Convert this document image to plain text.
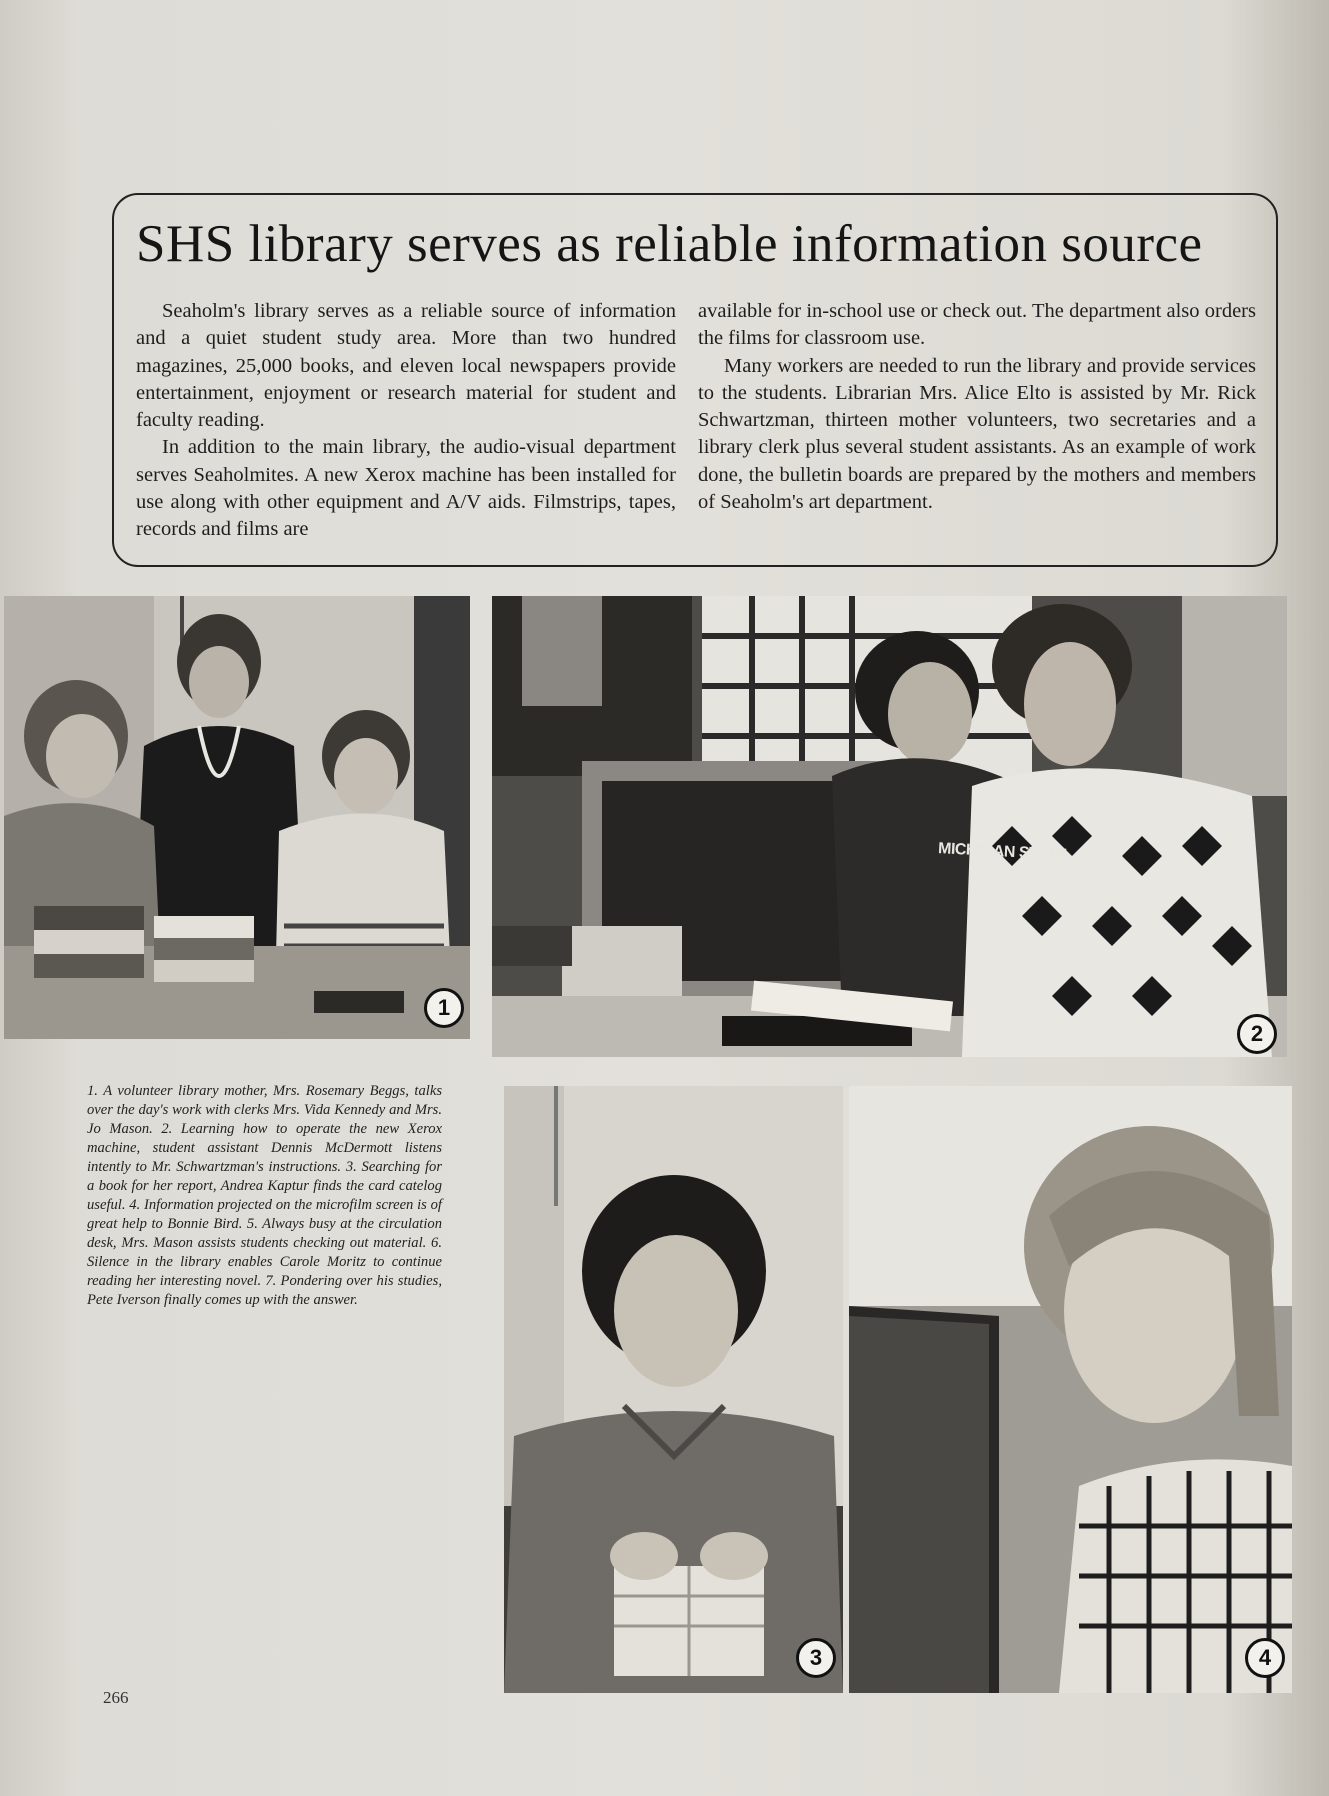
SHS library serves as reliable information source

Seaholm's library serves as a reliable source of information and a quiet student study area. More than two hundred magazines, 25,000 books, and eleven local newspapers provide entertainment, enjoyment or research material for student and faculty reading.

In addition to the main library, the audio-visual department serves Seaholmites. A new Xerox machine has been installed for use along with other equipment and A/V aids. Filmstrips, tapes, records and films are

available for in-school use or check out. The department also orders the films for classroom use.

Many workers are needed to run the library and provide services to the students. Librarian Mrs. Alice Elto is assisted by Mr. Rick Schwartzman, thirteen mother volunteers, two secretaries and a library clerk plus several student assistants. As an example of work done, the bulletin boards are prepared by the mothers and members of Seaholm's art department.

1
MICHIGAN STATE
2
1. A volunteer library mother, Mrs. Rosemary Beggs, talks over the day's work with clerks Mrs. Vida Kennedy and Mrs. Jo Mason. 2. Learning how to operate the new Xerox machine, student assistant Dennis McDermott listens intently to Mr. Schwartzman's instructions. 3. Searching for a book for her report, Andrea Kaptur finds the card catelog useful. 4. Information projected on the microfilm screen is of great help to Bonnie Bird. 5. Always busy at the circulation desk, Mrs. Mason assists students checking out material. 6. Silence in the library enables Carole Moritz to continue reading her interesting novel. 7. Pondering over his studies, Pete Iverson finally comes up with the answer.
3	4
266
